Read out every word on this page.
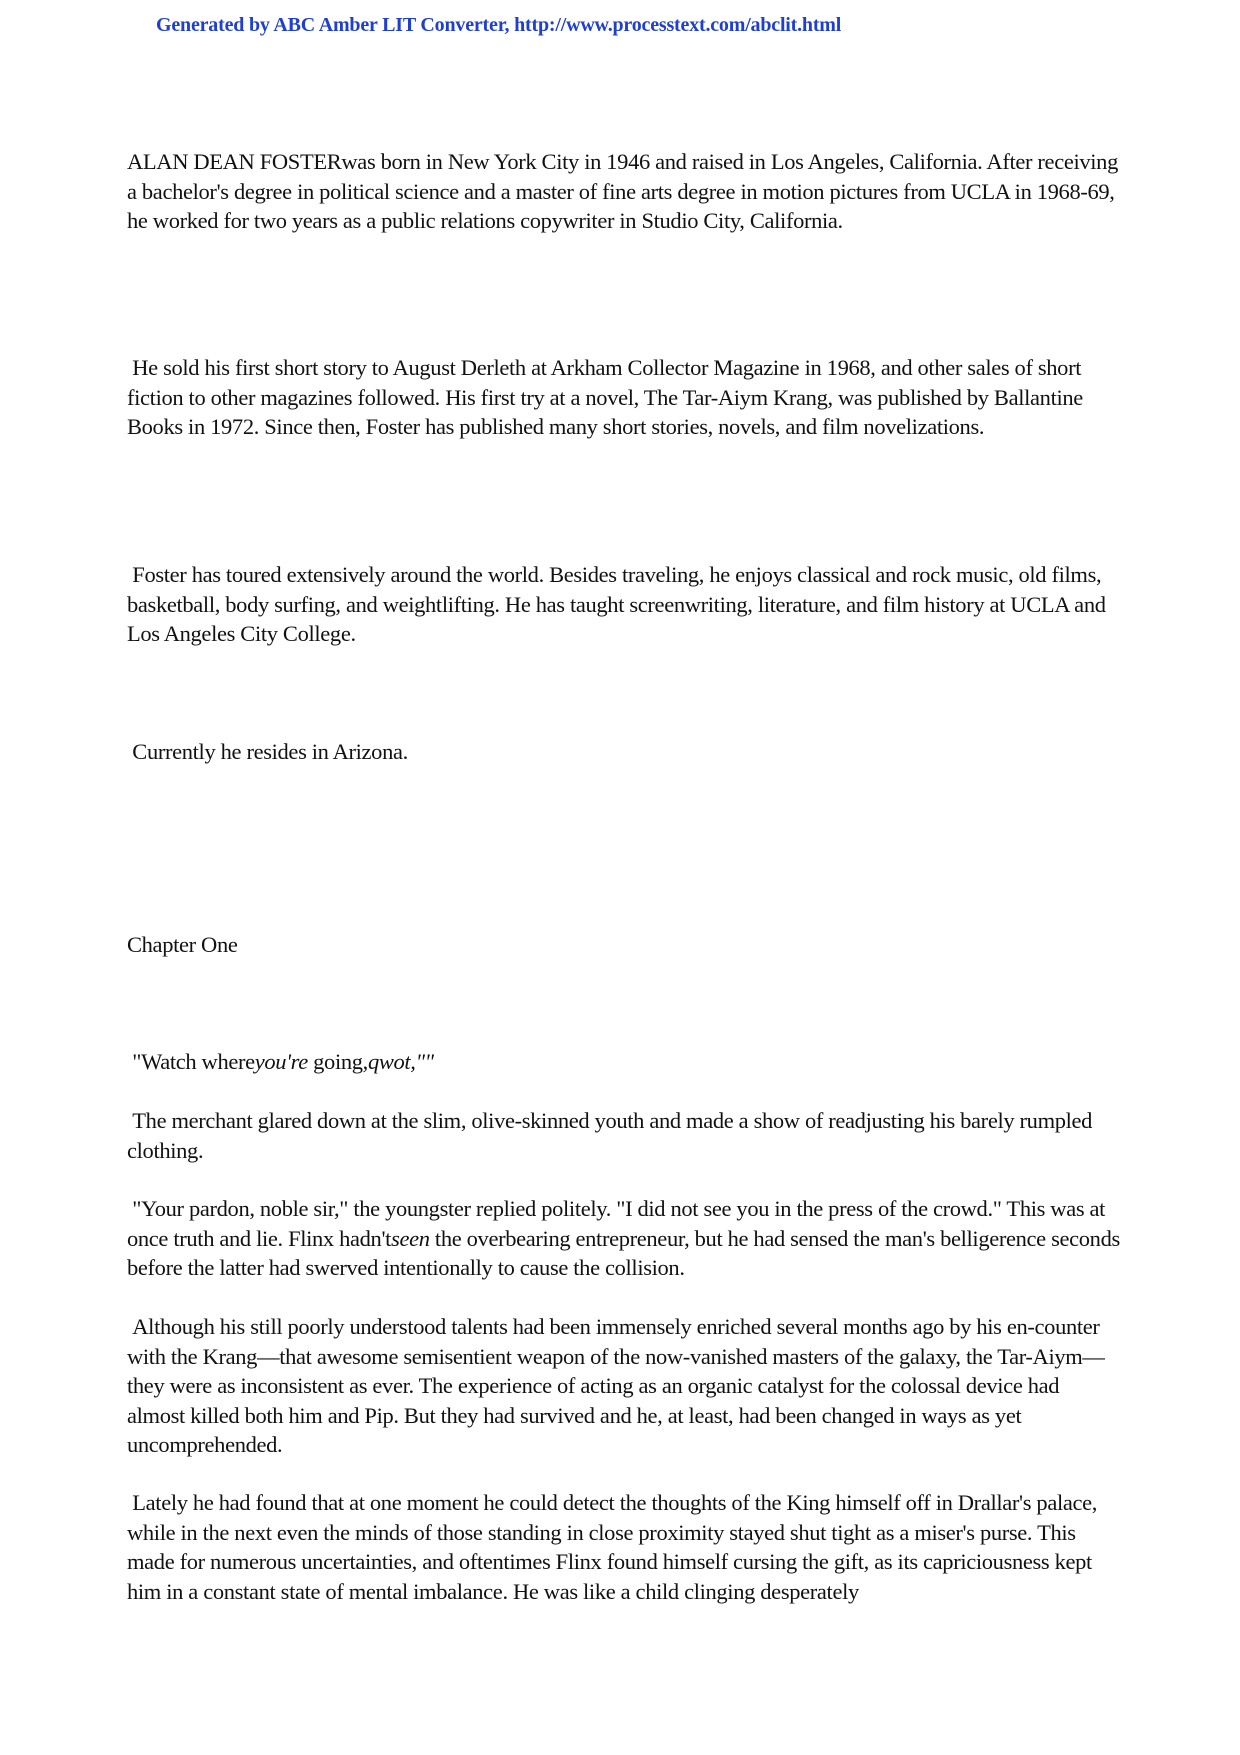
Generated by ABC Amber LIT Converter, http://www.processtext.com/abclit.html

ALAN DEAN FOSTERwas born in New York City in 1946 and raised in Los Angeles, California. After receiving a bachelor's degree in political science and a master of fine arts degree in motion pictures from UCLA in 1968-69, he worked for two years as a public relations copywriter in Studio City, California.

He sold his first short story to August Derleth at Arkham Collector Magazine in 1968, and other sales of short fiction to other magazines followed. His first try at a novel, The Tar-Aiym Krang, was published by Ballantine Books in 1972. Since then, Foster has published many short stories, novels, and film novelizations.

Foster has toured extensively around the world. Besides traveling, he enjoys classical and rock music, old films, basketball, body surfing, and weightlifting. He has taught screenwriting, literature, and film history at UCLA and Los Angeles City College.

Currently he resides in Arizona.

Chapter One

"Watch whereyou're going,qwot,""

The merchant glared down at the slim, olive-skinned youth and made a show of readjusting his barely rumpled clothing.

"Your pardon, noble sir," the youngster replied politely. "I did not see you in the press of the crowd." This was at once truth and lie. Flinx hadn'tseen the overbearing entrepreneur, but he had sensed the man's belligerence seconds before the latter had swerved intentionally to cause the collision.

Although his still poorly understood talents had been immensely enriched several months ago by his en-counter with the Krang—that awesome semisentient weapon of the now-vanished masters of the galaxy, the Tar-Aiym—they were as inconsistent as ever. The experience of acting as an organic catalyst for the colossal device had almost killed both him and Pip. But they had survived and he, at least, had been changed in ways as yet uncomprehended.

Lately he had found that at one moment he could detect the thoughts of the King himself off in Drallar's palace, while in the next even the minds of those standing in close proximity stayed shut tight as a miser's purse. This made for numerous uncertainties, and oftentimes Flinx found himself cursing the gift, as its capriciousness kept him in a constant state of mental imbalance. He was like a child clinging desperately
